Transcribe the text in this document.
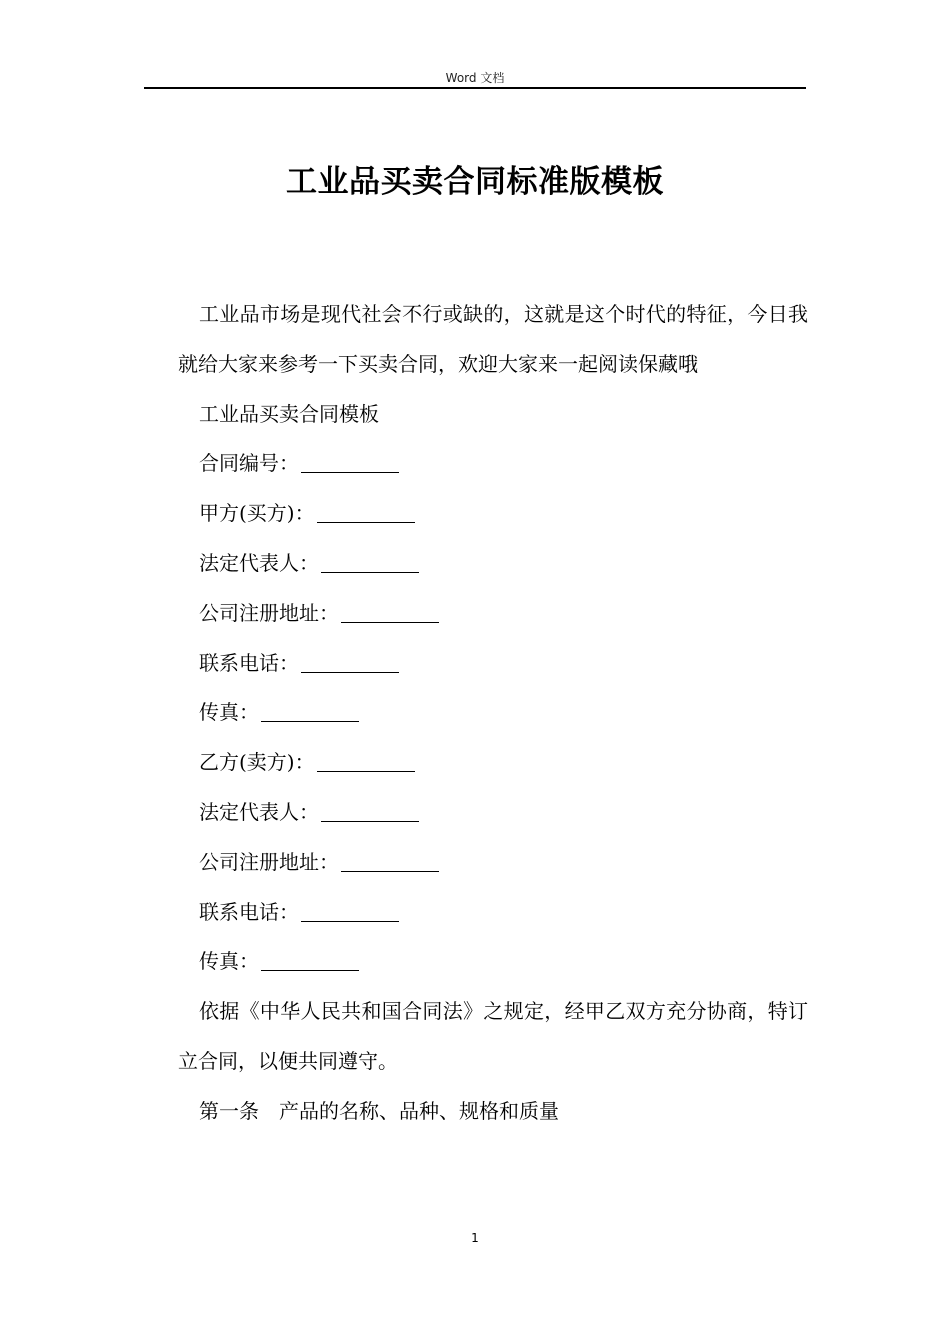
Word 文档
工业品买卖合同标准版模板

工业品市场是现代社会不行或缺的，这就是这个时代的特征，今日我就给大家来参考一下买卖合同，欢迎大家来一起阅读保藏哦

工业品买卖合同模板

合同编号：

甲方(买方)：

法定代表人：

公司注册地址：

联系电话：

传真：

乙方(卖方)：

法定代表人：

公司注册地址：

联系电话：

传真：

依据《中华人民共和国合同法》之规定，经甲乙双方充分协商，特订立合同，以便共同遵守。

第一条 产品的名称、品种、规格和质量

1
